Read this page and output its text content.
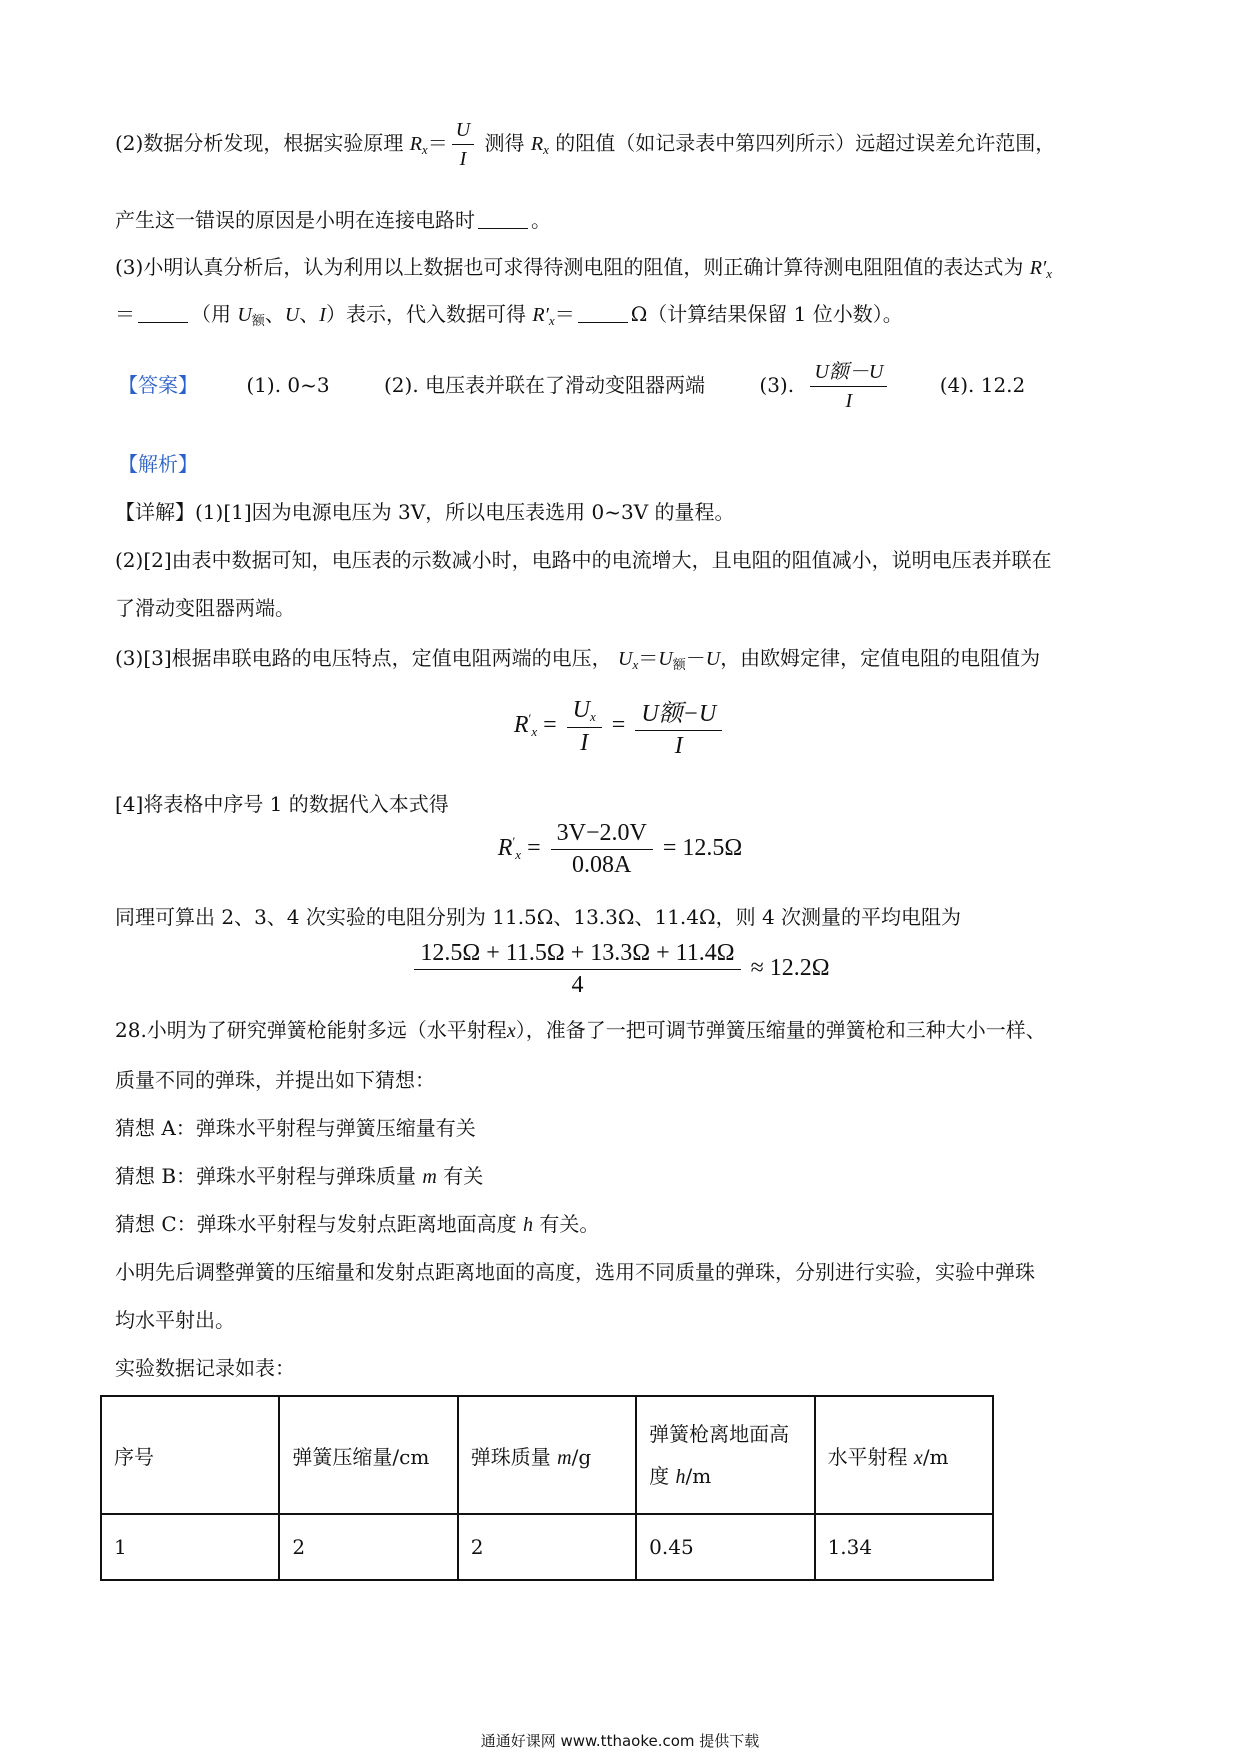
(2)数据分析发现，根据实验原理 $R_x= \frac{U}{I}$ 测得 $R_x$ 的阻值（如记录表中第四列所示）远超过误差允许范围，
产生这一错误的原因是小明在连接电路时	。
(3)小明认真分析后，认为利用以上数据也可求得待测电阻的阻值，则正确计算待测电阻阻值的表达式为 $R'_x$
＝	（用 $U_额$、U、I）表示，代入数据可得 $R'_x=$	Ω（计算结果保留 1 位小数）。
【答案】 (1). 0~3	(2). 电压表并联在了滑动变阻器两端	(3). $\frac{\text{U额－U}}{I}$	(4). 12.2
【解析】
【详解】(1)[1]因为电源电压为 3V，所以电压表选用 0~3V 的量程。
(2)[2]由表中数据可知，电压表的示数减小时，电路中的电流增大，且电阻的阻值减小，说明电压表并联在
了滑动变阻器两端。
(3)[3]根据串联电路的电压特点，定值电阻两端的电压， $U_x=U_额-U$，由欧姆定律，定值电阻的电阻值为
$R'_x = \frac{U_x}{I} = \frac{\text{U额−U}}{I}$
[4]将表格中序号 1 的数据代入本式得
$R'_x = \frac{3V-2.0V}{0.08A} = 12.5\Omega$
同理可算出 2、3、4 次实验的电阻分别为 11.5Ω、13.3Ω、11.4Ω，则 4 次测量的平均电阻为
$\frac{12.5\Omega + 11.5\Omega + 13.3\Omega + 11.4\Omega}{4} \approx 12.2\Omega$
28.小明为了研究弹簧枪能射多远（水平射程x），准备了一把可调节弹簧压缩量的弹簧枪和三种大小一样、
质量不同的弹珠，并提出如下猜想：
猜想 A：弹珠水平射程与弹簧压缩量有关
猜想 B：弹珠水平射程与弹珠质量 m 有关
猜想 C：弹珠水平射程与发射点距离地面高度 h 有关。
小明先后调整弹簧的压缩量和发射点距离地面的高度，选用不同质量的弹珠，分别进行实验，实验中弹珠
均水平射出。
实验数据记录如表：
序号	弹簧压缩量/cm	弹珠质量 m/g	弹簧枪离地面高
度 h/m	水平射程 x/m
1	2	2	0.45	1.34
通通好课网 www.tthaoke.com 提供下载
